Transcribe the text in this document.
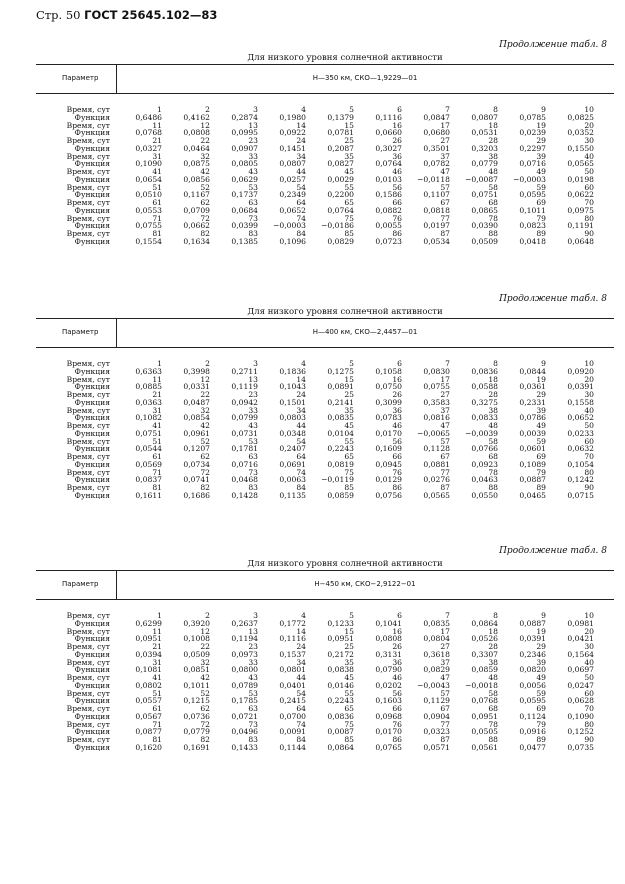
Стр. 50 ГОСТ 25645.102—83
Продолжение табл. 8
Продолжение табл. 8
Продолжение табл. 8
Для низкого уровня солнечной активности
Параметр	H—350 км, СКО—1,9229—01
Время, сут	1	2	3	4	5	6	7	8	9	10
Функция	0,6486	0,4162	0,2874	0,1980	0,1379	0,1116	0,0847	0,0807	0,0785	0,0825
Время, сут	11	12	13	14	15	16	17	18	19	20
Функция	0,0768	0,0808	0,0995	0,0922	0,0781	0,0660	0,0680	0,0531	0,0239	0,0352
Время, сут	21	22	23	24	25	26	27	28	29	30
Функция	0,0327	0,0464	0,0907	0,1451	0,2087	0,3027	0,3501	0,3203	0,2297	0,1550
Время, сут	31	32	33	34	35	36	37	38	39	40
Функция	0,1090	0,0875	0,0805	0,0807	0,0827	0,0764	0,0782	0,0779	0,0716	0,0565
Время, сут	41	42	43	44	45	46	47	48	49	50
Функция	0,0654	0,0856	0,0629	0,0257	0,0029	0,0103	−0,0118	−0,0087	−0,0003	0,0198
Время, сут	51	52	53	54	55	56	57	58	59	60
Функция	0,0510	0,1167	0,1737	0,2349	0,2200	0,1586	0,1107	0,0751	0,0595	0,0622
Время, сут	61	62	63	64	65	66	67	68	69	70
Функция	0,0553	0,0709	0,0684	0,0652	0,0764	0,0882	0,0818	0,0865	0,1011	0,0975
Время, сут	71	72	73	74	75	76	77	78	79	80
Функция	0,0755	0,0662	0,0399	−0,0003	−0,0186	0,0055	0,0197	0,0390	0,0823	0,1191
Время, сут	81	82	83	84	85	86	87	88	89	90
Функция	0,1554	0,1634	0,1385	0,1096	0,0829	0,0723	0,0534	0,0509	0,0418	0,0648
Для низкого уровня солнечной активности
Параметр	H—400 км, СКО—2,4457—01
Время, сут	1	2	3	4	5	6	7	8	9	10
Функция	0,6363	0,3998	0,2711	0,1836	0,1275	0,1058	0,0830	0,0836	0,0844	0,0920
Время, сут	11	12	13	14	15	16	17	18	19	20
Функция	0,0885	0,0331	0,1119	0,1043	0,0891	0,0750	0,0755	0,0588	0,0361	0,0391
Время, сут	21	22	23	24	25	26	27	28	29	30
Функция	0,0363	0,0487	0,0942	0,1501	0,2141	0,3099	0,3583	0,3275	0,2331	0,1558
Время, сут	31	32	33	34	35	36	37	38	39	40
Функция	0,1082	0,0854	0,0799	0,0803	0,0835	0,0783	0,0816	0,0833	0,0786	0,0652
Время, сут	41	42	43	44	45	46	47	48	49	50
Функция	0,0751	0,0961	0,0731	0,0348	0,0104	0,0170	−0,0065	−0,0039	0,0039	0,0233
Время, сут	51	52	53	54	55	56	57	58	59	60
Функция	0,0544	0,1207	0,1781	0,2407	0,2243	0,1609	0,1128	0,0766	0,0601	0,0632
Время, сут	61	62	63	64	65	66	67	68	69	70
Функция	0,0569	0,0734	0,0716	0,0691	0,0819	0,0945	0,0881	0,0923	0,1089	0,1054
Время, сут	71	72	73	74	75	76	77	78	79	80
Функция	0,0837	0,0741	0,0468	0,0063	−0,0119	0,0129	0,0276	0,0463	0,0887	0,1242
Время, сут	81	82	83	84	85	86	87	88	89	90
Функция	0,1611	0,1686	0,1428	0,1135	0,0859	0,0756	0,0565	0,0550	0,0465	0,0715
Для низкого уровня солнечной активности
Параметр	H−450 км, СКО−2,9122−01
Время, сут	1	2	3	4	5	6	7	8	9	10
Функция	0,6299	0,3920	0,2637	0,1772	0,1233	0,1041	0,0835	0,0864	0,0887	0,0981
Время, сут	11	12	13	14	15	16	17	18	19	20
Функция	0,0951	0,1008	0,1194	0,1116	0,0951	0,0808	0,0804	0,0526	0,0391	0,0421
Время, сут	21	22	23	24	25	26	27	28	29	30
Функция	0,0394	0,0509	0,0973	0,1537	0,2172	0,3131	0,3618	0,3307	0,2346	0,1564
Время, сут	31	32	33	34	35	36	37	38	39	40
Функция	0,1081	0,0851	0,0800	0,0801	0,0838	0,0790	0,0829	0,0859	0,0820	0,0697
Время, сут	41	42	43	44	45	46	47	48	49	50
Функция	0,0802	0,1011	0,0789	0,0401	0,0146	0,0202	−0,0043	−0,0018	0,0056	0,0247
Время, сут	51	52	53	54	55	56	57	58	59	60
Функция	0,0557	0,1215	0,1785	0,2415	0,2243	0,1603	0,1129	0,0768	0,0595	0,0628
Время, сут	61	62	63	64	65	66	67	68	69	70
Функция	0,0567	0,0736	0,0721	0,0700	0,0836	0,0968	0,0904	0,0951	0,1124	0,1090
Время, сут	71	72	73	74	75	76	77	78	79	80
Функция	0,0877	0,0779	0,0496	0,0091	0,0087	0,0170	0,0323	0,0505	0,0916	0,1252
Время, сут	81	82	83	84	85	86	87	88	89	90
Функция	0,1620	0,1691	0,1433	0,1144	0,0864	0,0765	0,0571	0,0561	0,0477	0,0735
